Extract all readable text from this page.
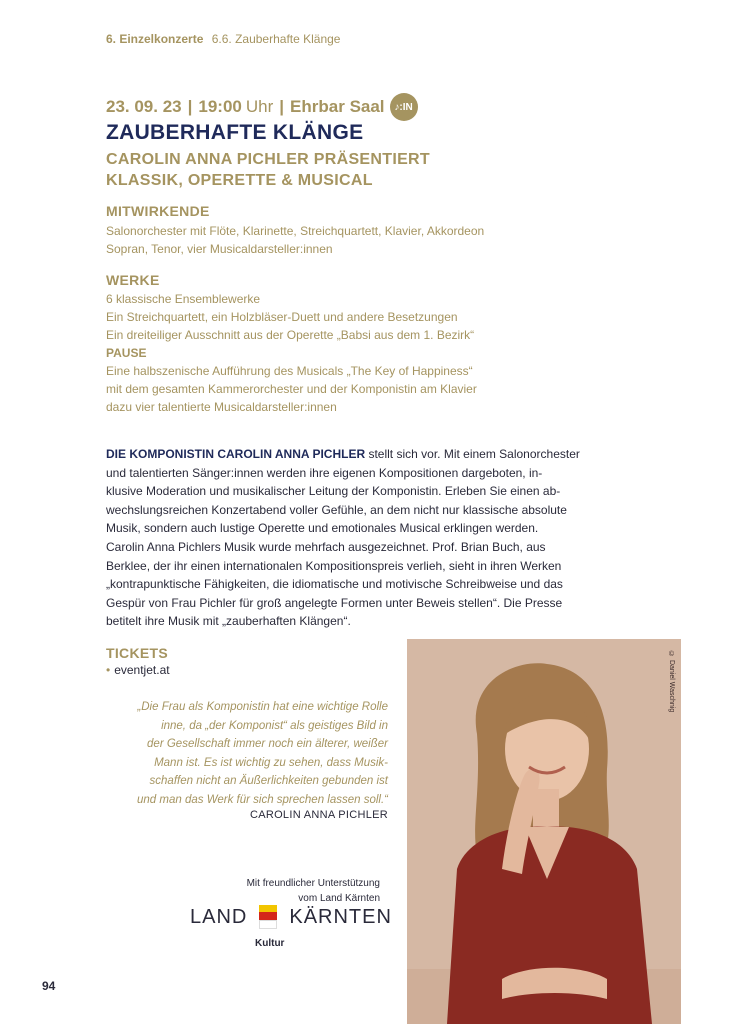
6. Einzelkonzerte 6.6. Zauberhafte Klänge
23. 09. 23 | 19:00 Uhr | Ehrbar Saal ♪:IN
ZAUBERHAFTE KLÄNGE
CAROLIN ANNA PICHLER PRÄSENTIERT
KLASSIK, OPERETTE & MUSICAL
MITWIRKENDE
Salonorchester mit Flöte, Klarinette, Streichquartett, Klavier, Akkordeon
Sopran, Tenor, vier Musicaldarsteller:innen
WERKE
6 klassische Ensemblewerke
Ein Streichquartett, ein Holzbläser-Duett und andere Besetzungen
Ein dreiteiliger Ausschnitt aus der Operette „Babsi aus dem 1. Bezirk“
PAUSE
Eine halbszenische Aufführung des Musicals „The Key of Happiness“
mit dem gesamten Kammerorchester und der Komponistin am Klavier
dazu vier talentierte Musicaldarsteller:innen
DIE KOMPONISTIN CAROLIN ANNA PICHLER stellt sich vor. Mit einem Salonorchester
und talentierten Sänger:innen werden ihre eigenen Kompositionen dargeboten, in-
klusive Moderation und musikalischer Leitung der Komponistin. Erleben Sie einen ab-
wechslungsreichen Konzertabend voller Gefühle, an dem nicht nur klassische absolute
Musik, sondern auch lustige Operette und emotionales Musical erklingen werden.
Carolin Anna Pichlers Musik wurde mehrfach ausgezeichnet. Prof. Brian Buch, aus
Berklee, der ihr einen internationalen Kompositionspreis verlieh, sieht in ihren Werken
„kontrapunktische Fähigkeiten, die idiomatische und motivische Schreibweise und das
Gespür von Frau Pichler für groß angelegte Formen unter Beweis stellen“. Die Presse
betitelt ihre Musik mit „zauberhaften Klängen“.
TICKETS
• eventjet.at
„Die Frau als Komponistin hat eine wichtige Rolle
inne, da „der Komponist“ als geistiges Bild in
der Gesellschaft immer noch ein älterer, weißer
Mann ist. Es ist wichtig zu sehen, dass Musik-
schaffen nicht an Äußerlichkeiten gebunden ist
und man das Werk für sich sprechen lassen soll.“
CAROLIN ANNA PICHLER
Mit freundlicher Unterstützung
vom Land Kärnten
LAND KÄRNTEN
Kultur
94
© Daniel Waschnig
